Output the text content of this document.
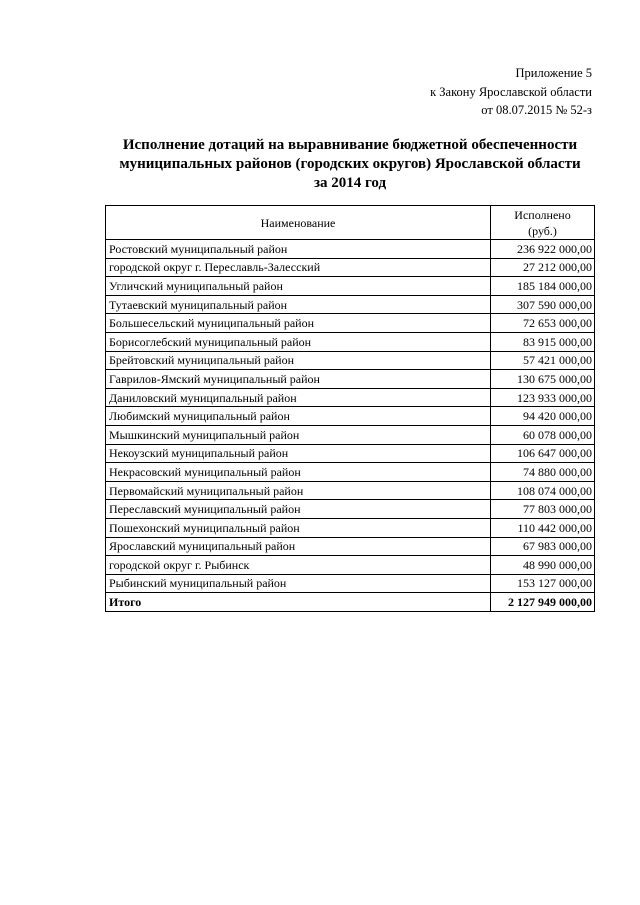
Приложение 5
к Закону Ярославской области
от 08.07.2015 № 52-з
Исполнение дотаций на выравнивание бюджетной обеспеченности
муниципальных районов (городских округов) Ярославской области
за 2014 год
Наименование	Исполнено
(руб.)

Ростовский муниципальный район	236 922 000,00
городской округ г. Переславль-Залесский	27 212 000,00
Угличский муниципальный район	185 184 000,00
Тутаевский муниципальный район	307 590 000,00
Большесельский муниципальный район	72 653 000,00
Борисоглебский муниципальный район	83 915 000,00
Брейтовский муниципальный район	57 421 000,00
Гаврилов-Ямский муниципальный район	130 675 000,00
Даниловский муниципальный район	123 933 000,00
Любимский муниципальный район	94 420 000,00
Мышкинский муниципальный район	60 078 000,00
Некоузский муниципальный район	106 647 000,00
Некрасовский муниципальный район	74 880 000,00
Первомайский муниципальный район	108 074 000,00
Переславский муниципальный район	77 803 000,00
Пошехонский муниципальный район	110 442 000,00
Ярославский муниципальный район	67 983 000,00
городской округ г. Рыбинск	48 990 000,00
Рыбинский муниципальный район	153 127 000,00
Итого	2 127 949 000,00
